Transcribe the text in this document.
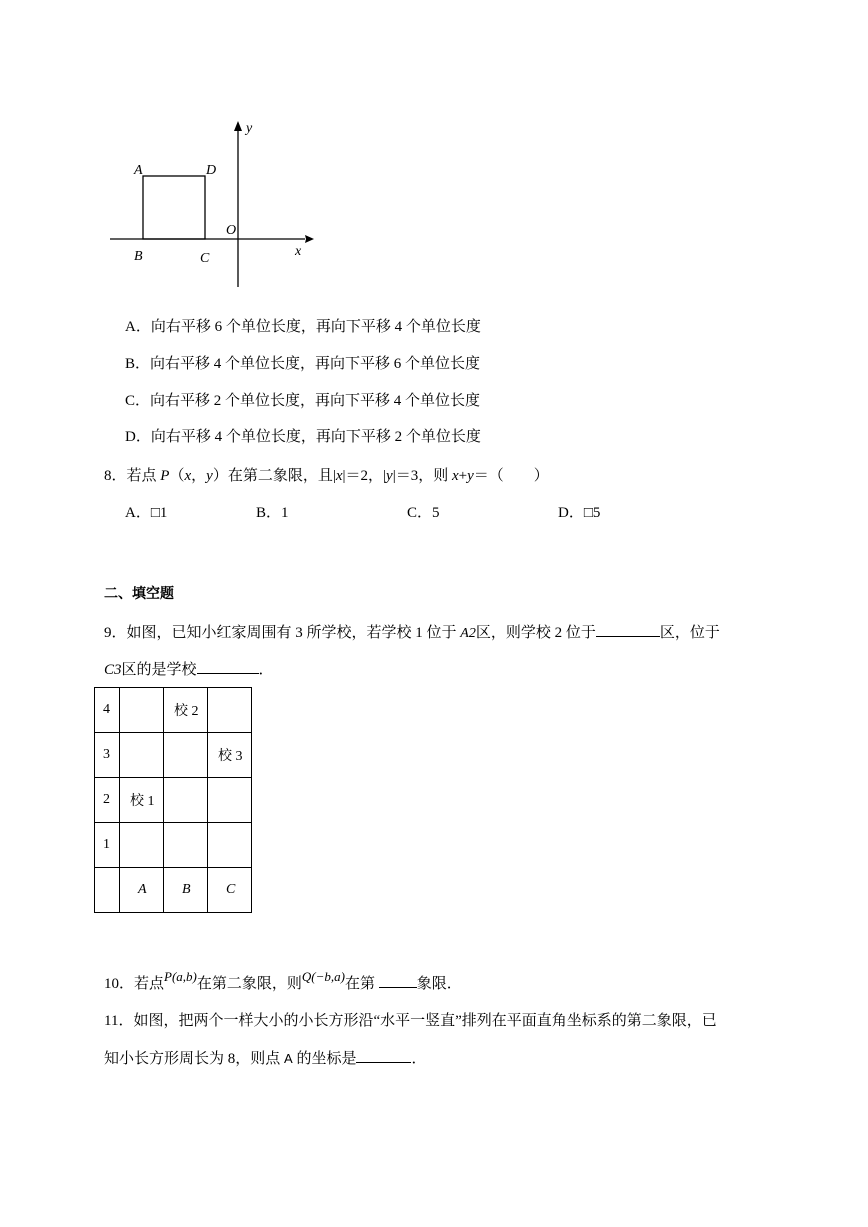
A	D
B	C
O
x
y
A．向右平移 6 个单位长度，再向下平移 4 个单位长度
B．向右平移 4 个单位长度，再向下平移 6 个单位长度
C．向右平移 2 个单位长度，再向下平移 4 个单位长度
D．向右平移 4 个单位长度，再向下平移 2 个单位长度
8．若点 P（x，y）在第二象限，且|x|＝2，|y|＝3，则 x+y＝（　　）
A．□1	B．1	C．5	D．□5
二、填空题
9．如图，已知小红家周围有 3 所学校，若学校 1 位于 A2区，则学校 2 位于	区，位于
C3区的是学校	．
4		校 2	
3			校 3
2	校 1		
1			
	A	B	C
10．若点P(a,b)在第二象限，则Q(−b,a)在第	象限．
11．如图，把两个一样大小的小长方形沿“水平一竖直”排列在平面直角坐标系的第二象限，已
知小长方形周长为 8，则点 A 的坐标是	．
